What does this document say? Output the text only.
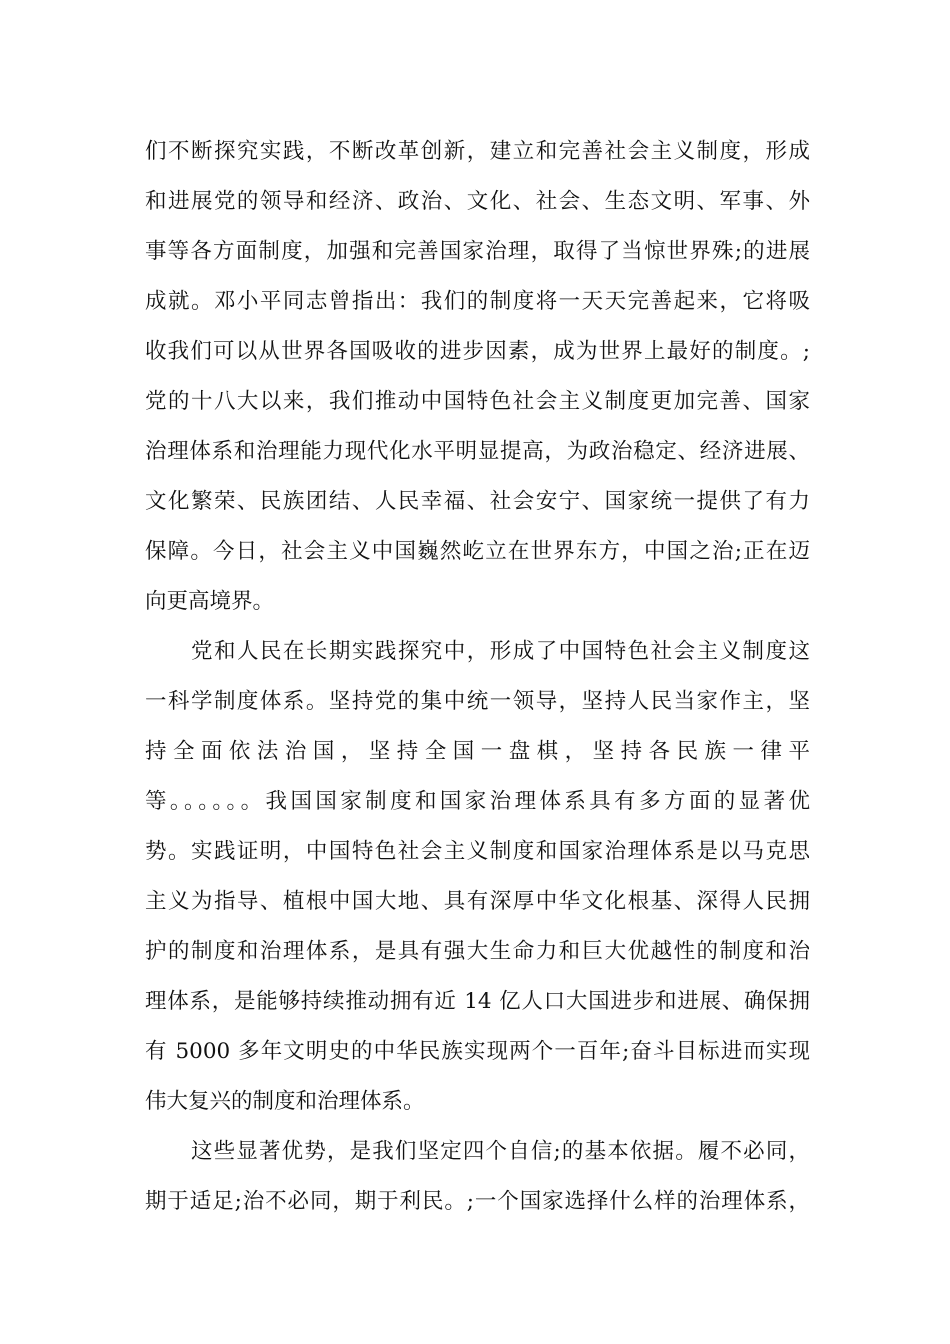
们不断探究实践，不断改革创新，建立和完善社会主义制度，形成
和进展党的领导和经济、政治、文化、社会、生态文明、军事、外
事等各方面制度，加强和完善国家治理，取得了当惊世界殊;的进展
成就。邓小平同志曾指出：我们的制度将一天天完善起来，它将吸
收我们可以从世界各国吸收的进步因素，成为世界上最好的制度。;
党的十八大以来，我们推动中国特色社会主义制度更加完善、国家
治理体系和治理能力现代化水平明显提高，为政治稳定、经济进展、
文化繁荣、民族团结、人民幸福、社会安宁、国家统一提供了有力
保障。今日，社会主义中国巍然屹立在世界东方，中国之治;正在迈
向更高境界。
党和人民在长期实践探究中，形成了中国特色社会主义制度这
一科学制度体系。坚持党的集中统一领导，坚持人民当家作主，坚
持全面依法治国，坚持全国一盘棋，坚持各民族一律平
等。。。。。。我国国家制度和国家治理体系具有多方面的显著优
势。实践证明，中国特色社会主义制度和国家治理体系是以马克思
主义为指导、植根中国大地、具有深厚中华文化根基、深得人民拥
护的制度和治理体系，是具有强大生命力和巨大优越性的制度和治
理体系，是能够持续推动拥有近 14 亿人口大国进步和进展、确保拥
有 5000 多年文明史的中华民族实现两个一百年;奋斗目标进而实现
伟大复兴的制度和治理体系。
这些显著优势，是我们坚定四个自信;的基本依据。履不必同，
期于适足;治不必同，期于利民。;一个国家选择什么样的治理体系，
